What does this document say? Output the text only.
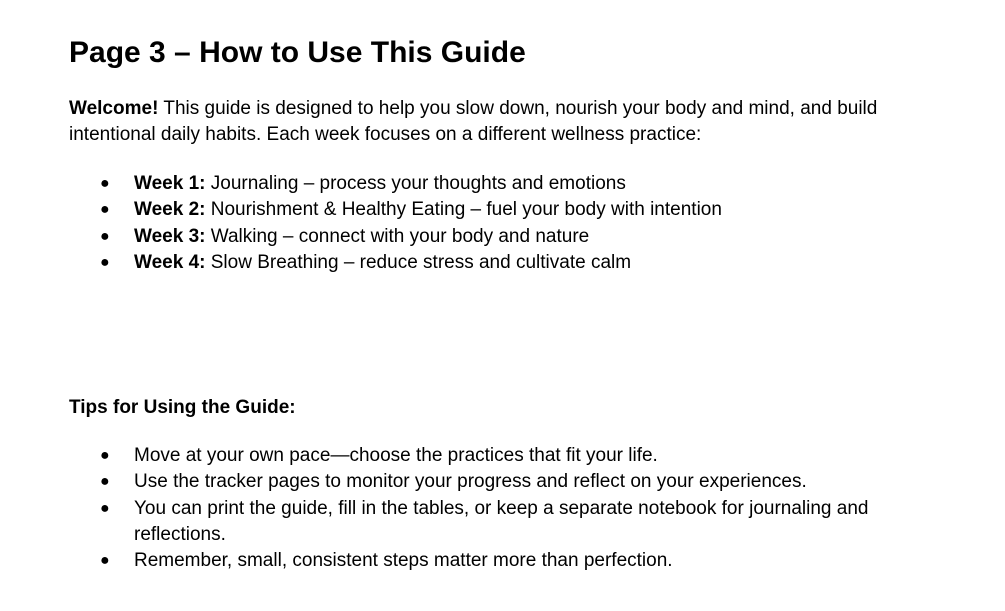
Page 3 – How to Use This Guide

Welcome! This guide is designed to help you slow down, nourish your body and mind, and build intentional daily habits. Each week focuses on a different wellness practice:

● Week 1: Journaling – process your thoughts and emotions
● Week 2: Nourishment & Healthy Eating – fuel your body with intention
● Week 3: Walking – connect with your body and nature
● Week 4: Slow Breathing – reduce stress and cultivate calm

Tips for Using the Guide:

● Move at your own pace—choose the practices that fit your life.
● Use the tracker pages to monitor your progress and reflect on your experiences.
● You can print the guide, fill in the tables, or keep a separate notebook for journaling and reflections.
● Remember, small, consistent steps matter more than perfection.
